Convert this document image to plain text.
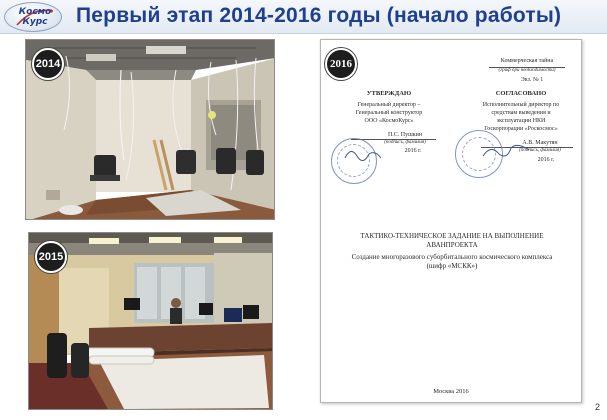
Космо
Курс	Первый этап 2014-2016 годы (начало работы)
2014
2015
2016	Коммерческая тайна
(гриф при необходимости)
Экз. № 1
УТВЕРЖДАЮ
Генеральный директор –
Генеральный конструктор
ООО «КосмоКурс»
П.С. Пушкин
(подпись, фамилия)
2016 г.
СОГЛАСОВАНО
Исполнительный директор по
средствам выведения и
эксплуатации НКИ
Госкорпорации «Роскосмос»
А.В. Макутян
(подпись, фамилия)
2016 г.
ТАКТИКО-ТЕХНИЧЕСКОЕ ЗАДАНИЕ НА ВЫПОЛНЕНИЕ АВАНПРОЕКТА
Создание многоразового суборбитального космического комплекса
(шифр «МСКК»)
Москва 2016
2
